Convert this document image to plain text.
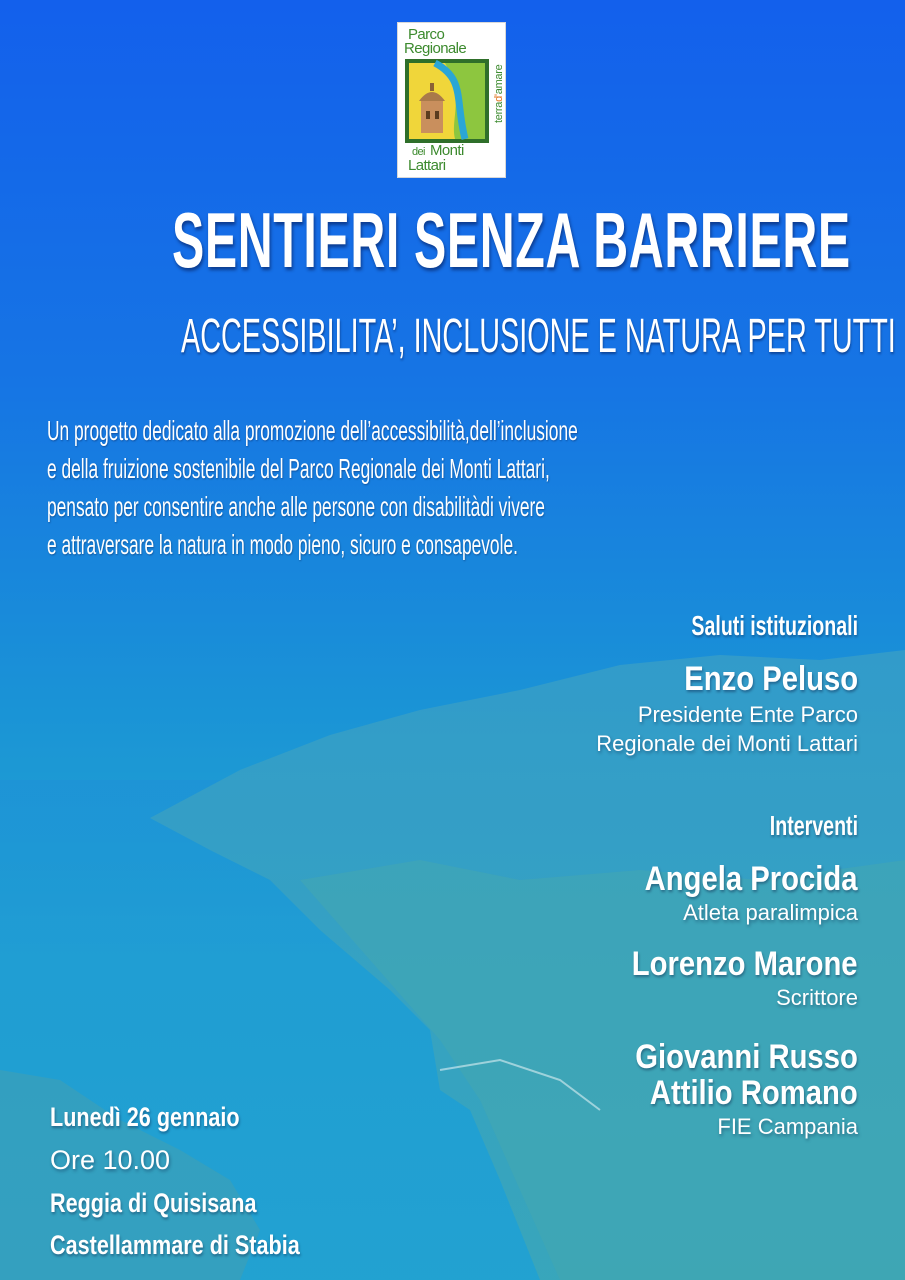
Parco
Regionale
dei Monti
Lattari
terrad'amare
SENTIERI SENZA BARRIERE
ACCESSIBILITA’, INCLUSIONE E NATURA PER TUTTI
Un progetto dedicato alla promozione dell’accessibilità,dell’inclusione
e della fruizione sostenibile del Parco Regionale dei Monti Lattari,
pensato per consentire anche alle persone con disabilitàdi vivere
e attraversare la natura in modo pieno, sicuro e consapevole.
Saluti istituzionali
Enzo Peluso
Presidente Ente Parco
Regionale dei Monti Lattari
Interventi
Angela Procida
Atleta paralimpica
Lorenzo Marone
Scrittore
Giovanni Russo
Attilio Romano
FIE Campania
Lunedì 26 gennaio
Ore 10.00
Reggia di Quisisana
Castellammare di Stabia
